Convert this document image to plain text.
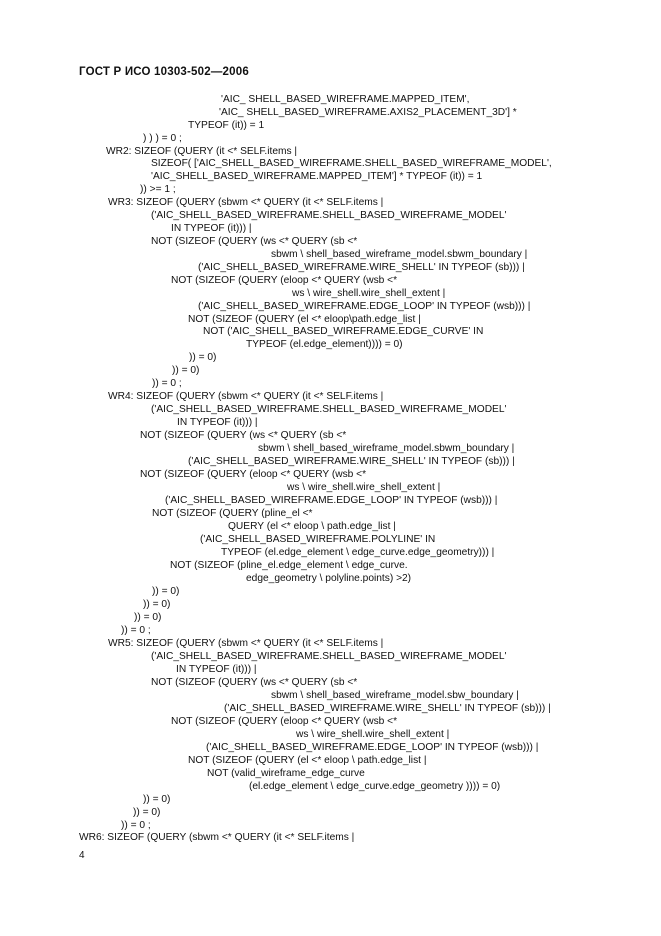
ГОСТ Р ИСО 10303-502—2006
'AIC_ SHELL_BASED_WIREFRAME.MAPPED_ITEM',
'AIC_ SHELL_BASED_WIREFRAME.AXIS2_PLACEMENT_3D'] *
TYPEOF (it)) = 1
) ) ) = 0 ;
WR2: SIZEOF (QUERY (it <* SELF.items |
SIZEOF( ['AIC_SHELL_BASED_WIREFRAME.SHELL_BASED_WIREFRAME_MODEL',
'AIC_SHELL_BASED_WIREFRAME.MAPPED_ITEM'] * TYPEOF (it)) = 1
)) >= 1 ;
WR3: SIZEOF (QUERY (sbwm <* QUERY (it <* SELF.items |
('AIC_SHELL_BASED_WIREFRAME.SHELL_BASED_WIREFRAME_MODEL'
IN TYPEOF (it))) |
NOT (SIZEOF (QUERY (ws <* QUERY (sb <*
sbwm \ shell_based_wireframe_model.sbwm_boundary |
('AIC_SHELL_BASED_WIREFRAME.WIRE_SHELL' IN TYPEOF (sb))) |
NOT (SIZEOF (QUERY (eloop <* QUERY (wsb <*
ws \ wire_shell.wire_shell_extent |
('AIC_SHELL_BASED_WIREFRAME.EDGE_LOOP' IN TYPEOF (wsb))) |
NOT (SIZEOF (QUERY (el <* eloop\path.edge_list |
NOT ('AIC_SHELL_BASED_WIREFRAME.EDGE_CURVE' IN
TYPEOF (el.edge_element)))) = 0)
)) = 0)
)) = 0)
)) = 0 ;
WR4: SIZEOF (QUERY (sbwm <* QUERY (it <* SELF.items |
('AIC_SHELL_BASED_WIREFRAME.SHELL_BASED_WIREFRAME_MODEL'
IN TYPEOF (it))) |
NOT (SIZEOF (QUERY (ws <* QUERY (sb <*
sbwm \ shell_based_wireframe_model.sbwm_boundary |
('AIC_SHELL_BASED_WIREFRAME.WIRE_SHELL' IN TYPEOF (sb))) |
NOT (SIZEOF (QUERY (eloop <* QUERY (wsb <*
ws \ wire_shell.wire_shell_extent |
('AIC_SHELL_BASED_WIREFRAME.EDGE_LOOP' IN TYPEOF (wsb))) |
NOT (SIZEOF (QUERY (pline_el <*
QUERY (el <* eloop \ path.edge_list |
('AIC_SHELL_BASED_WIREFRAME.POLYLINE' IN
TYPEOF (el.edge_element \ edge_curve.edge_geometry))) |
NOT (SIZEOF (pline_el.edge_element \ edge_curve.
edge_geometry \ polyline.points) >2)
)) = 0)
)) = 0)
)) = 0)
)) = 0 ;
WR5: SIZEOF (QUERY (sbwm <* QUERY (it <* SELF.items |
('AIC_SHELL_BASED_WIREFRAME.SHELL_BASED_WIREFRAME_MODEL'
IN TYPEOF (it))) |
NOT (SIZEOF (QUERY (ws <* QUERY (sb <*
sbwm \ shell_based_wireframe_model.sbw_boundary |
('AIC_SHELL_BASED_WIREFRAME.WIRE_SHELL' IN TYPEOF (sb))) |
NOT (SIZEOF (QUERY (eloop <* QUERY (wsb <*
ws \ wire_shell.wire_shell_extent |
('AIC_SHELL_BASED_WIREFRAME.EDGE_LOOP' IN TYPEOF (wsb))) |
NOT (SIZEOF (QUERY (el <* eloop \ path.edge_list |
NOT (valid_wireframe_edge_curve
(el.edge_element \ edge_curve.edge_geometry )))) = 0)
)) = 0)
)) = 0)
)) = 0 ;
WR6: SIZEOF (QUERY (sbwm <* QUERY (it <* SELF.items |
4
